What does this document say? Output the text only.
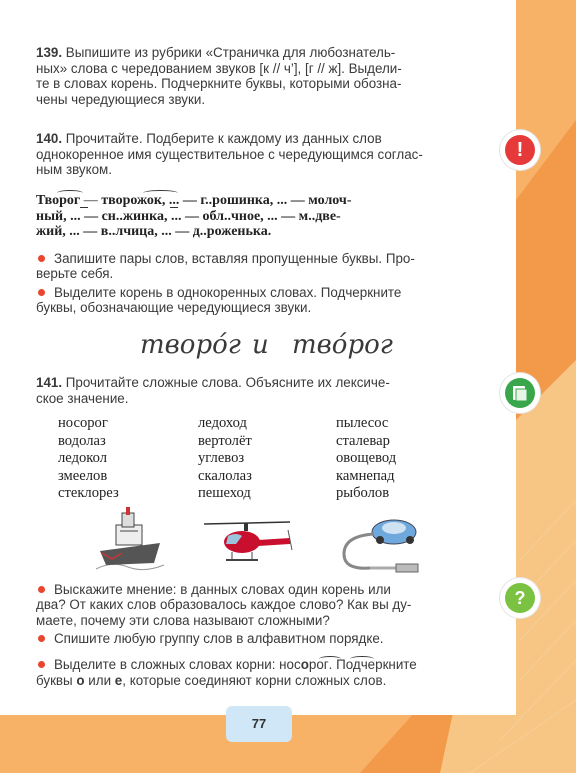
139. Выпишите из рубрики «Страничка для любознатель-
ных» слова с чередованием звуков [к // ч’], [г // ж]. Выдели-
те в словах корень. Подчеркните буквы, которыми обозна-
чены чередующиеся звуки.
140. Прочитайте. Подберите к каждому из данных слов
однокоренное имя существительное с чередующимся соглас-
ным звуком.
!
Творог — творожок, ... — г..рошинка, ... — молоч-
ный, ... — сн..жинка, ... — обл..чное, ... — м..две-
жий, ... — в..лчица, ... — д..роженька.
Запишите пары слов, вставляя пропущенные буквы. Про-
верьте себя.
Выделите корень в однокоренных словах. Подчеркните
буквы, обозначающие чередующиеся звуки.
творо́г и тво́рог
141. Прочитайте сложные слова. Объясните их лексиче-
ское значение.
носорог
водолаз
ледокол
змеелов
стеклорез
ледоход
вертолёт
углевоз
скалолаз
пешеход
пылесос
сталевар
овощевод
камнепад
рыболов
?
Выскажите мнение: в данных словах один корень или
два? От каких слов образовалось каждое слово? Как вы ду-
маете, почему эти слова называют сложными?
Спишите любую группу слов в алфавитном порядке.
Выделите в сложных словах корни: носорог. Подчеркните
буквы о или е, которые соединяют корни сложных слов.
77
